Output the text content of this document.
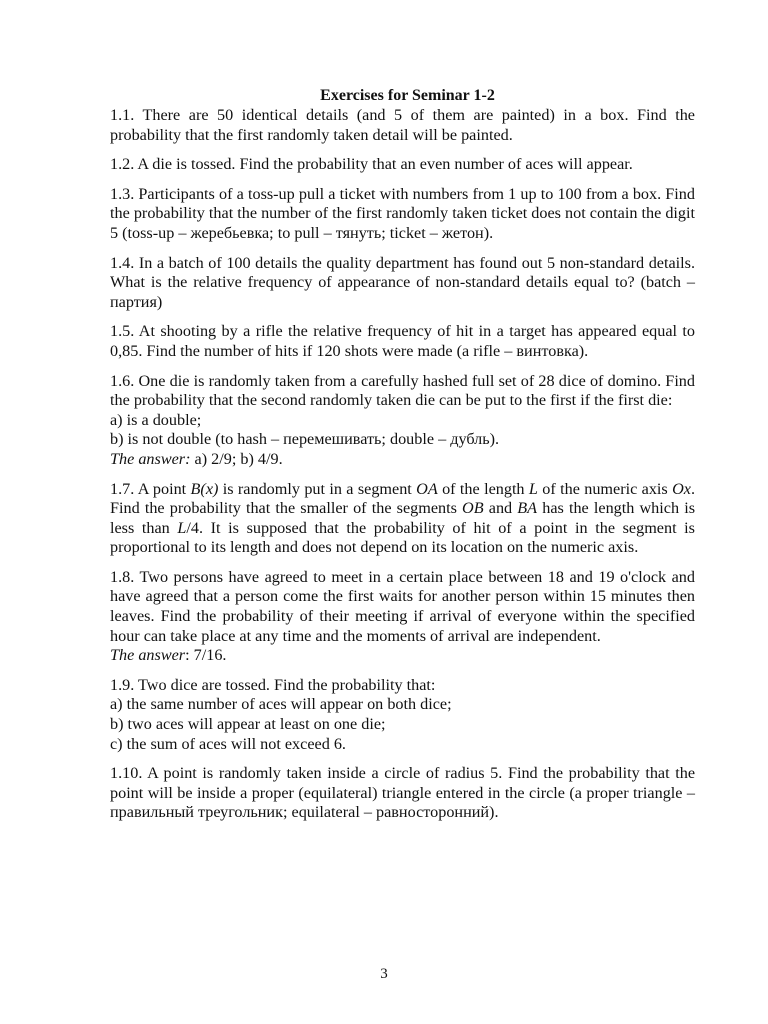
Exercises for Seminar 1-2

1.1. There are 50 identical details (and 5 of them are painted) in a box. Find the probability that the first randomly taken detail will be painted.

1.2. A die is tossed. Find the probability that an even number of aces will appear.

1.3. Participants of a toss-up pull a ticket with numbers from 1 up to 100 from a box. Find the probability that the number of the first randomly taken ticket does not contain the digit 5 (toss-up – жеребьевка; to pull – тянуть; ticket – жетон).

1.4. In a batch of 100 details the quality department has found out 5 non-standard details. What is the relative frequency of appearance of non-standard details equal to? (batch – партия)

1.5. At shooting by a rifle the relative frequency of hit in a target has appeared equal to 0,85. Find the number of hits if 120 shots were made (a rifle – винтовка).

1.6. One die is randomly taken from a carefully hashed full set of 28 dice of domino. Find the probability that the second randomly taken die can be put to the first if the first die:

a) is a double;

b) is not double (to hash – перемешивать; double – дубль).

The answer: a) 2/9; b) 4/9.

1.7. A point B(x) is randomly put in a segment OA of the length L of the numeric axis Ox. Find the probability that the smaller of the segments OB and BA has the length which is less than L/4. It is supposed that the probability of hit of a point in the segment is proportional to its length and does not depend on its location on the numeric axis.

1.8. Two persons have agreed to meet in a certain place between 18 and 19 o'clock and have agreed that a person come the first waits for another person within 15 minutes then leaves. Find the probability of their meeting if arrival of everyone within the specified hour can take place at any time and the moments of arrival are independent.

The answer: 7/16.

1.9. Two dice are tossed. Find the probability that:

a) the same number of aces will appear on both dice;

b) two aces will appear at least on one die;

c) the sum of aces will not exceed 6.

1.10. A point is randomly taken inside a circle of radius 5. Find the probability that the point will be inside a proper (equilateral) triangle entered in the circle (a proper triangle – правильный треугольник; equilateral – равносторонний).

3
